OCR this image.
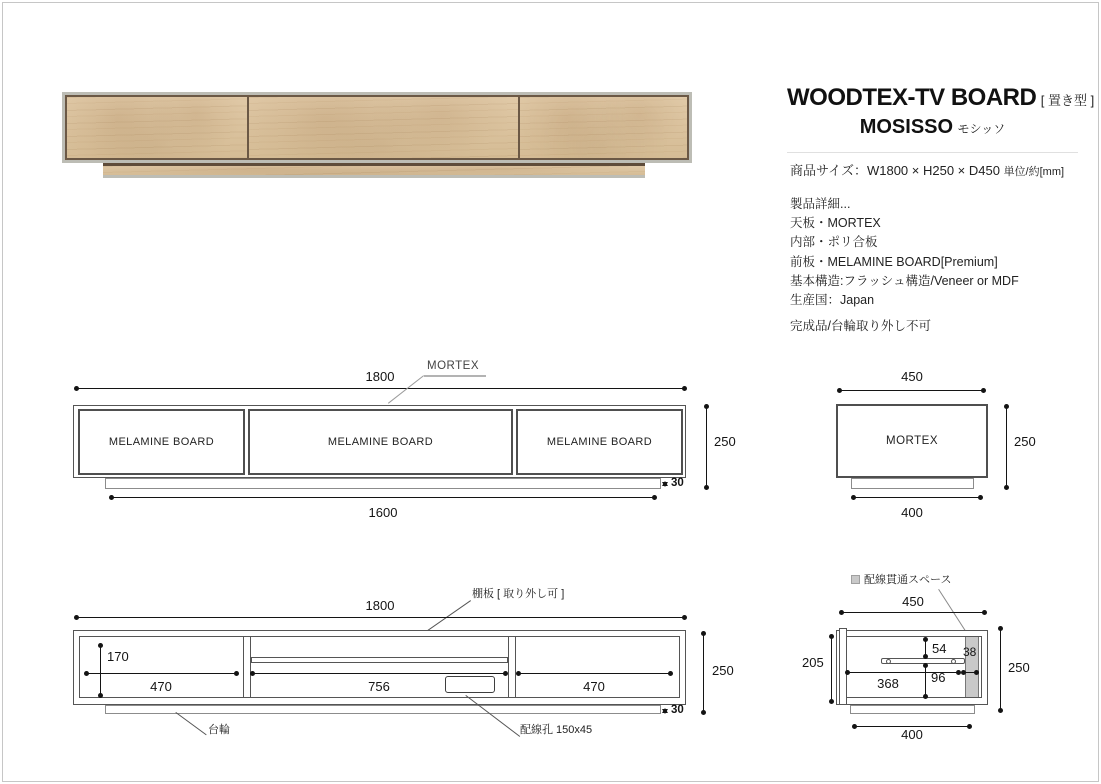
WOODTEX-TV BOARD [ 置き型 ]
MOSISSO モシッソ
商品サイズ：W1800 × H250 × D450 単位/約[mm]
製品詳細...
天板・MORTEX
内部・ポリ合板
前板・MELAMINE BOARD[Premium]
基本構造:フラッシュ構造/Veneer or MDF
生産国：Japan
完成品/台輪取り外し不可
1800
MORTEX
MELAMINE BOARD	MELAMINE BOARD	MELAMINE BOARD	250
30
1600
450
MORTEX	250
400
棚板 [ 取り外し可 ]
1800
170
470	756	470
250
30
台輪	配線孔 150x45
配線貫通スペース
450
54 38
96
368
205	250
400
